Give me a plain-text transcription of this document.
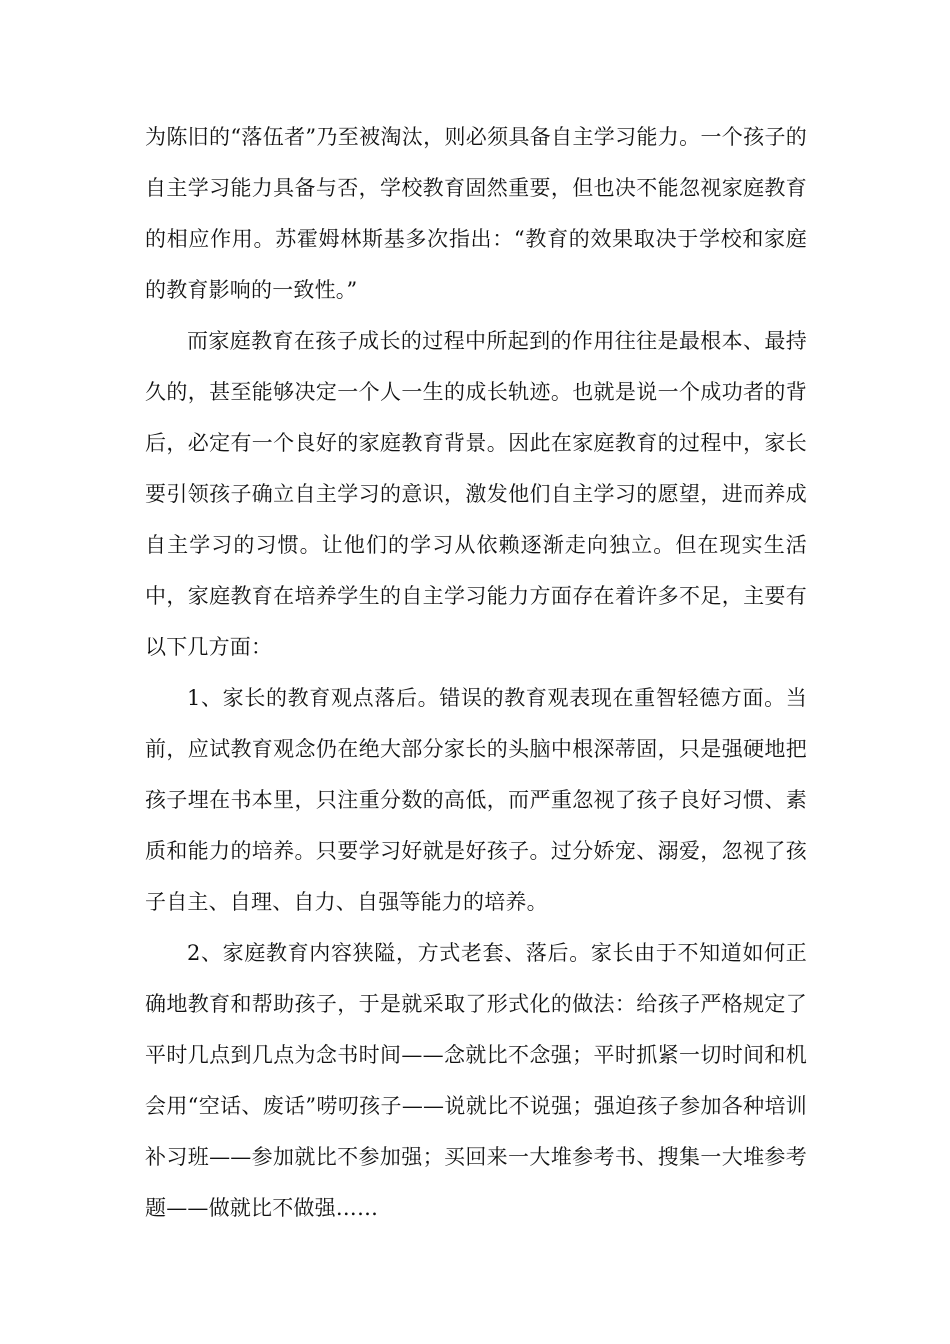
为陈旧的“落伍者”乃至被淘汰，则必须具备自主学习能力。一个孩子的自主学习能力具备与否，学校教育固然重要，但也决不能忽视家庭教育的相应作用。苏霍姆林斯基多次指出：“教育的效果取决于学校和家庭的教育影响的一致性。”

而家庭教育在孩子成长的过程中所起到的作用往往是最根本、最持久的，甚至能够决定一个人一生的成长轨迹。也就是说一个成功者的背后，必定有一个良好的家庭教育背景。因此在家庭教育的过程中，家长要引领孩子确立自主学习的意识，激发他们自主学习的愿望，进而养成自主学习的习惯。让他们的学习从依赖逐渐走向独立。但在现实生活中，家庭教育在培养学生的自主学习能力方面存在着许多不足，主要有以下几方面：

1、家长的教育观点落后。错误的教育观表现在重智轻德方面。当前，应试教育观念仍在绝大部分家长的头脑中根深蒂固，只是强硬地把孩子埋在书本里，只注重分数的高低，而严重忽视了孩子良好习惯、素质和能力的培养。只要学习好就是好孩子。过分娇宠、溺爱，忽视了孩子自主、自理、自力、自强等能力的培养。

2、家庭教育内容狭隘，方式老套、落后。家长由于不知道如何正确地教育和帮助孩子，于是就采取了形式化的做法：给孩子严格规定了平时几点到几点为念书时间——念就比不念强；平时抓紧一切时间和机会用“空话、废话”唠叨孩子——说就比不说强；强迫孩子参加各种培训补习班——参加就比不参加强；买回来一大堆参考书、搜集一大堆参考题——做就比不做强……
